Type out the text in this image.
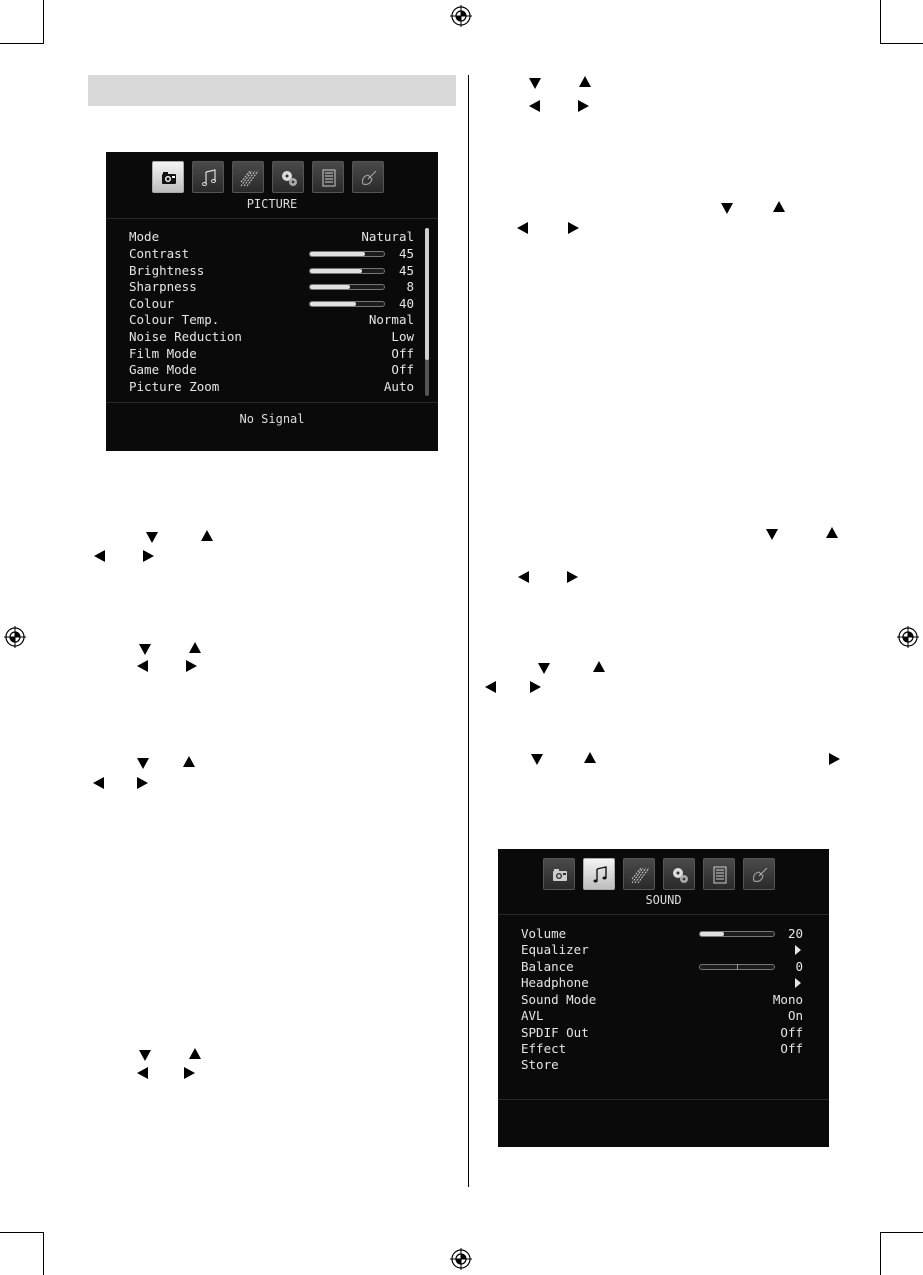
PICTURE
Mode	Natural
Contrast	45
Brightness	45
Sharpness	8
Colour	40
Colour Temp.	Normal
Noise Reduction	Low
Film Mode	Off
Game Mode	Off
Picture Zoom	Auto
No Signal
SOUND
Volume	20
Equalizer
Balance	0
Headphone
Sound Mode	Mono
AVL	On
SPDIF Out	Off
Effect	Off
Store
